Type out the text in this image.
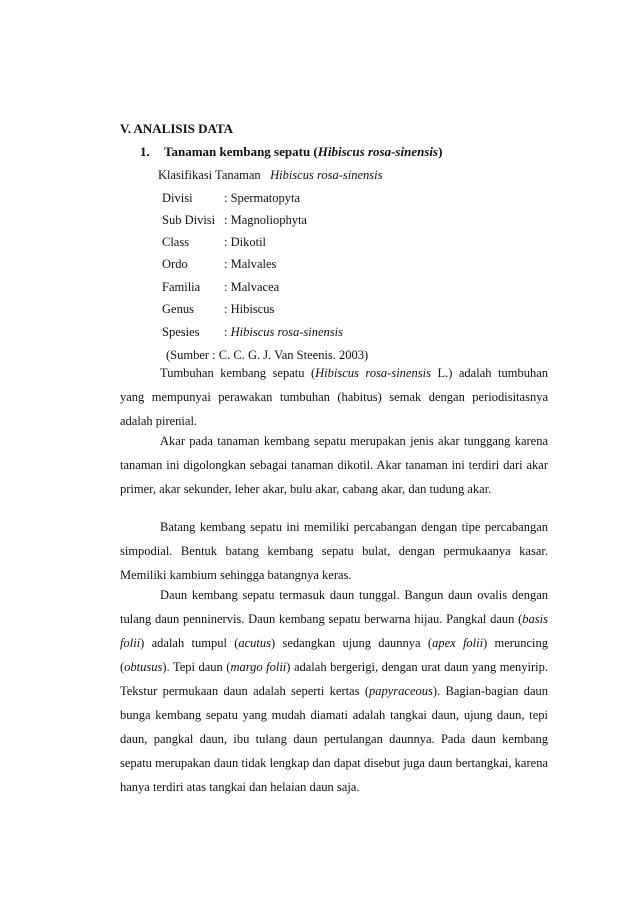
V. ANALISIS DATA
1. Tanaman kembang sepatu (Hibiscus rosa-sinensis)
Klasifikasi Tanaman Hibiscus rosa-sinensis
Divisi	: Spermatopyta
Sub Divisi : Magnoliophyta
Class	: Dikotil
Ordo	: Malvales
Familia : Malvacea
Genus : Hibiscus
Spesies : Hibiscus rosa-sinensis
(Sumber : C. C. G. J. Van Steenis. 2003)

Tumbuhan kembang sepatu (Hibiscus rosa-sinensis L.) adalah tumbuhan yang mempunyai perawakan tumbuhan (habitus) semak dengan periodisitasnya adalah pirenial.

Akar pada tanaman kembang sepatu merupakan jenis akar tunggang karena tanaman ini digolongkan sebagai tanaman dikotil. Akar tanaman ini terdiri dari akar primer, akar sekunder, leher akar, bulu akar, cabang akar, dan tudung akar.

Batang kembang sepatu ini memiliki percabangan dengan tipe percabangan simpodial. Bentuk batang kembang sepatu bulat, dengan permukaanya kasar. Memiliki kambium sehingga batangnya keras.

Daun kembang sepatu termasuk daun tunggal. Bangun daun ovalis dengan tulang daun penninervis. Daun kembang sepatu berwarna hijau. Pangkal daun (basis folii) adalah tumpul (acutus) sedangkan ujung daunnya (apex folii) meruncing (obtusus). Tepi daun (margo folii) adalah bergerigi, dengan urat daun yang menyirip. Tekstur permukaan daun adalah seperti kertas (papyraceous). Bagian-bagian daun bunga kembang sepatu yang mudah diamati adalah tangkai daun, ujung daun, tepi daun, pangkal daun, ibu tulang daun pertulangan daunnya. Pada daun kembang sepatu merupakan daun tidak lengkap dan dapat disebut juga daun bertangkai, karena hanya terdiri atas tangkai dan helaian daun saja.
